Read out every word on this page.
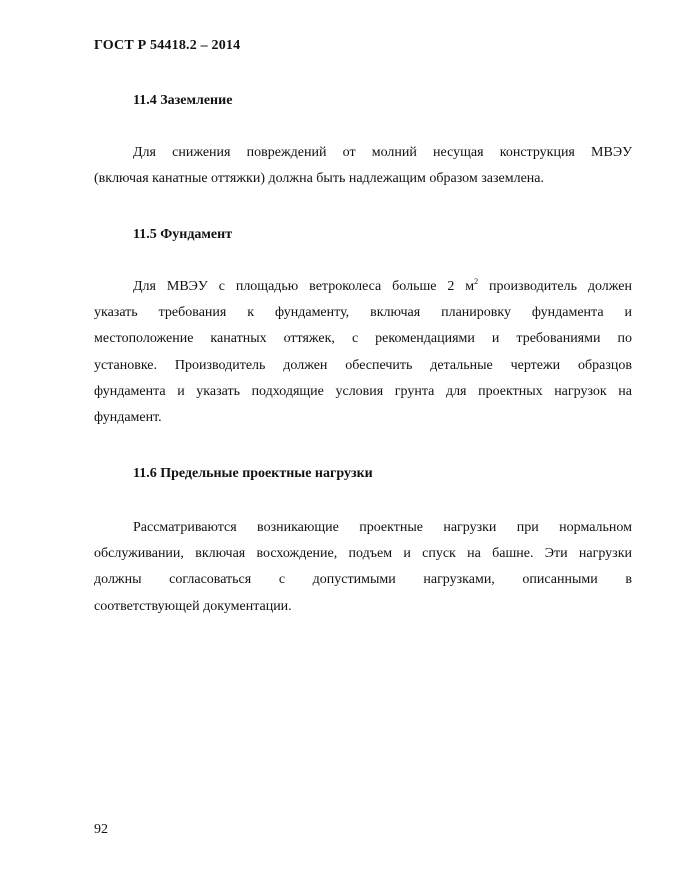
ГОСТ Р 54418.2 – 2014
11.4 Заземление
Для снижения повреждений от молний несущая конструкция МВЭУ
(включая канатные оттяжки) должна быть надлежащим образом заземлена.
11.5 Фундамент
Для МВЭУ с площадью ветроколеса больше 2 $м^2$ производитель должен
указать требования к фундаменту, включая планировку фундамента и
местоположение канатных оттяжек, с рекомендациями и требованиями по
установке. Производитель должен обеспечить детальные чертежи образцов
фундамента и указать подходящие условия грунта для проектных нагрузок на
фундамент.
11.6 Предельные проектные нагрузки
Рассматриваются возникающие проектные нагрузки при нормальном
обслуживании, включая восхождение, подъем и спуск на башне. Эти нагрузки
должны согласоваться с допустимыми нагрузками, описанными в
соответствующей документации.
92
